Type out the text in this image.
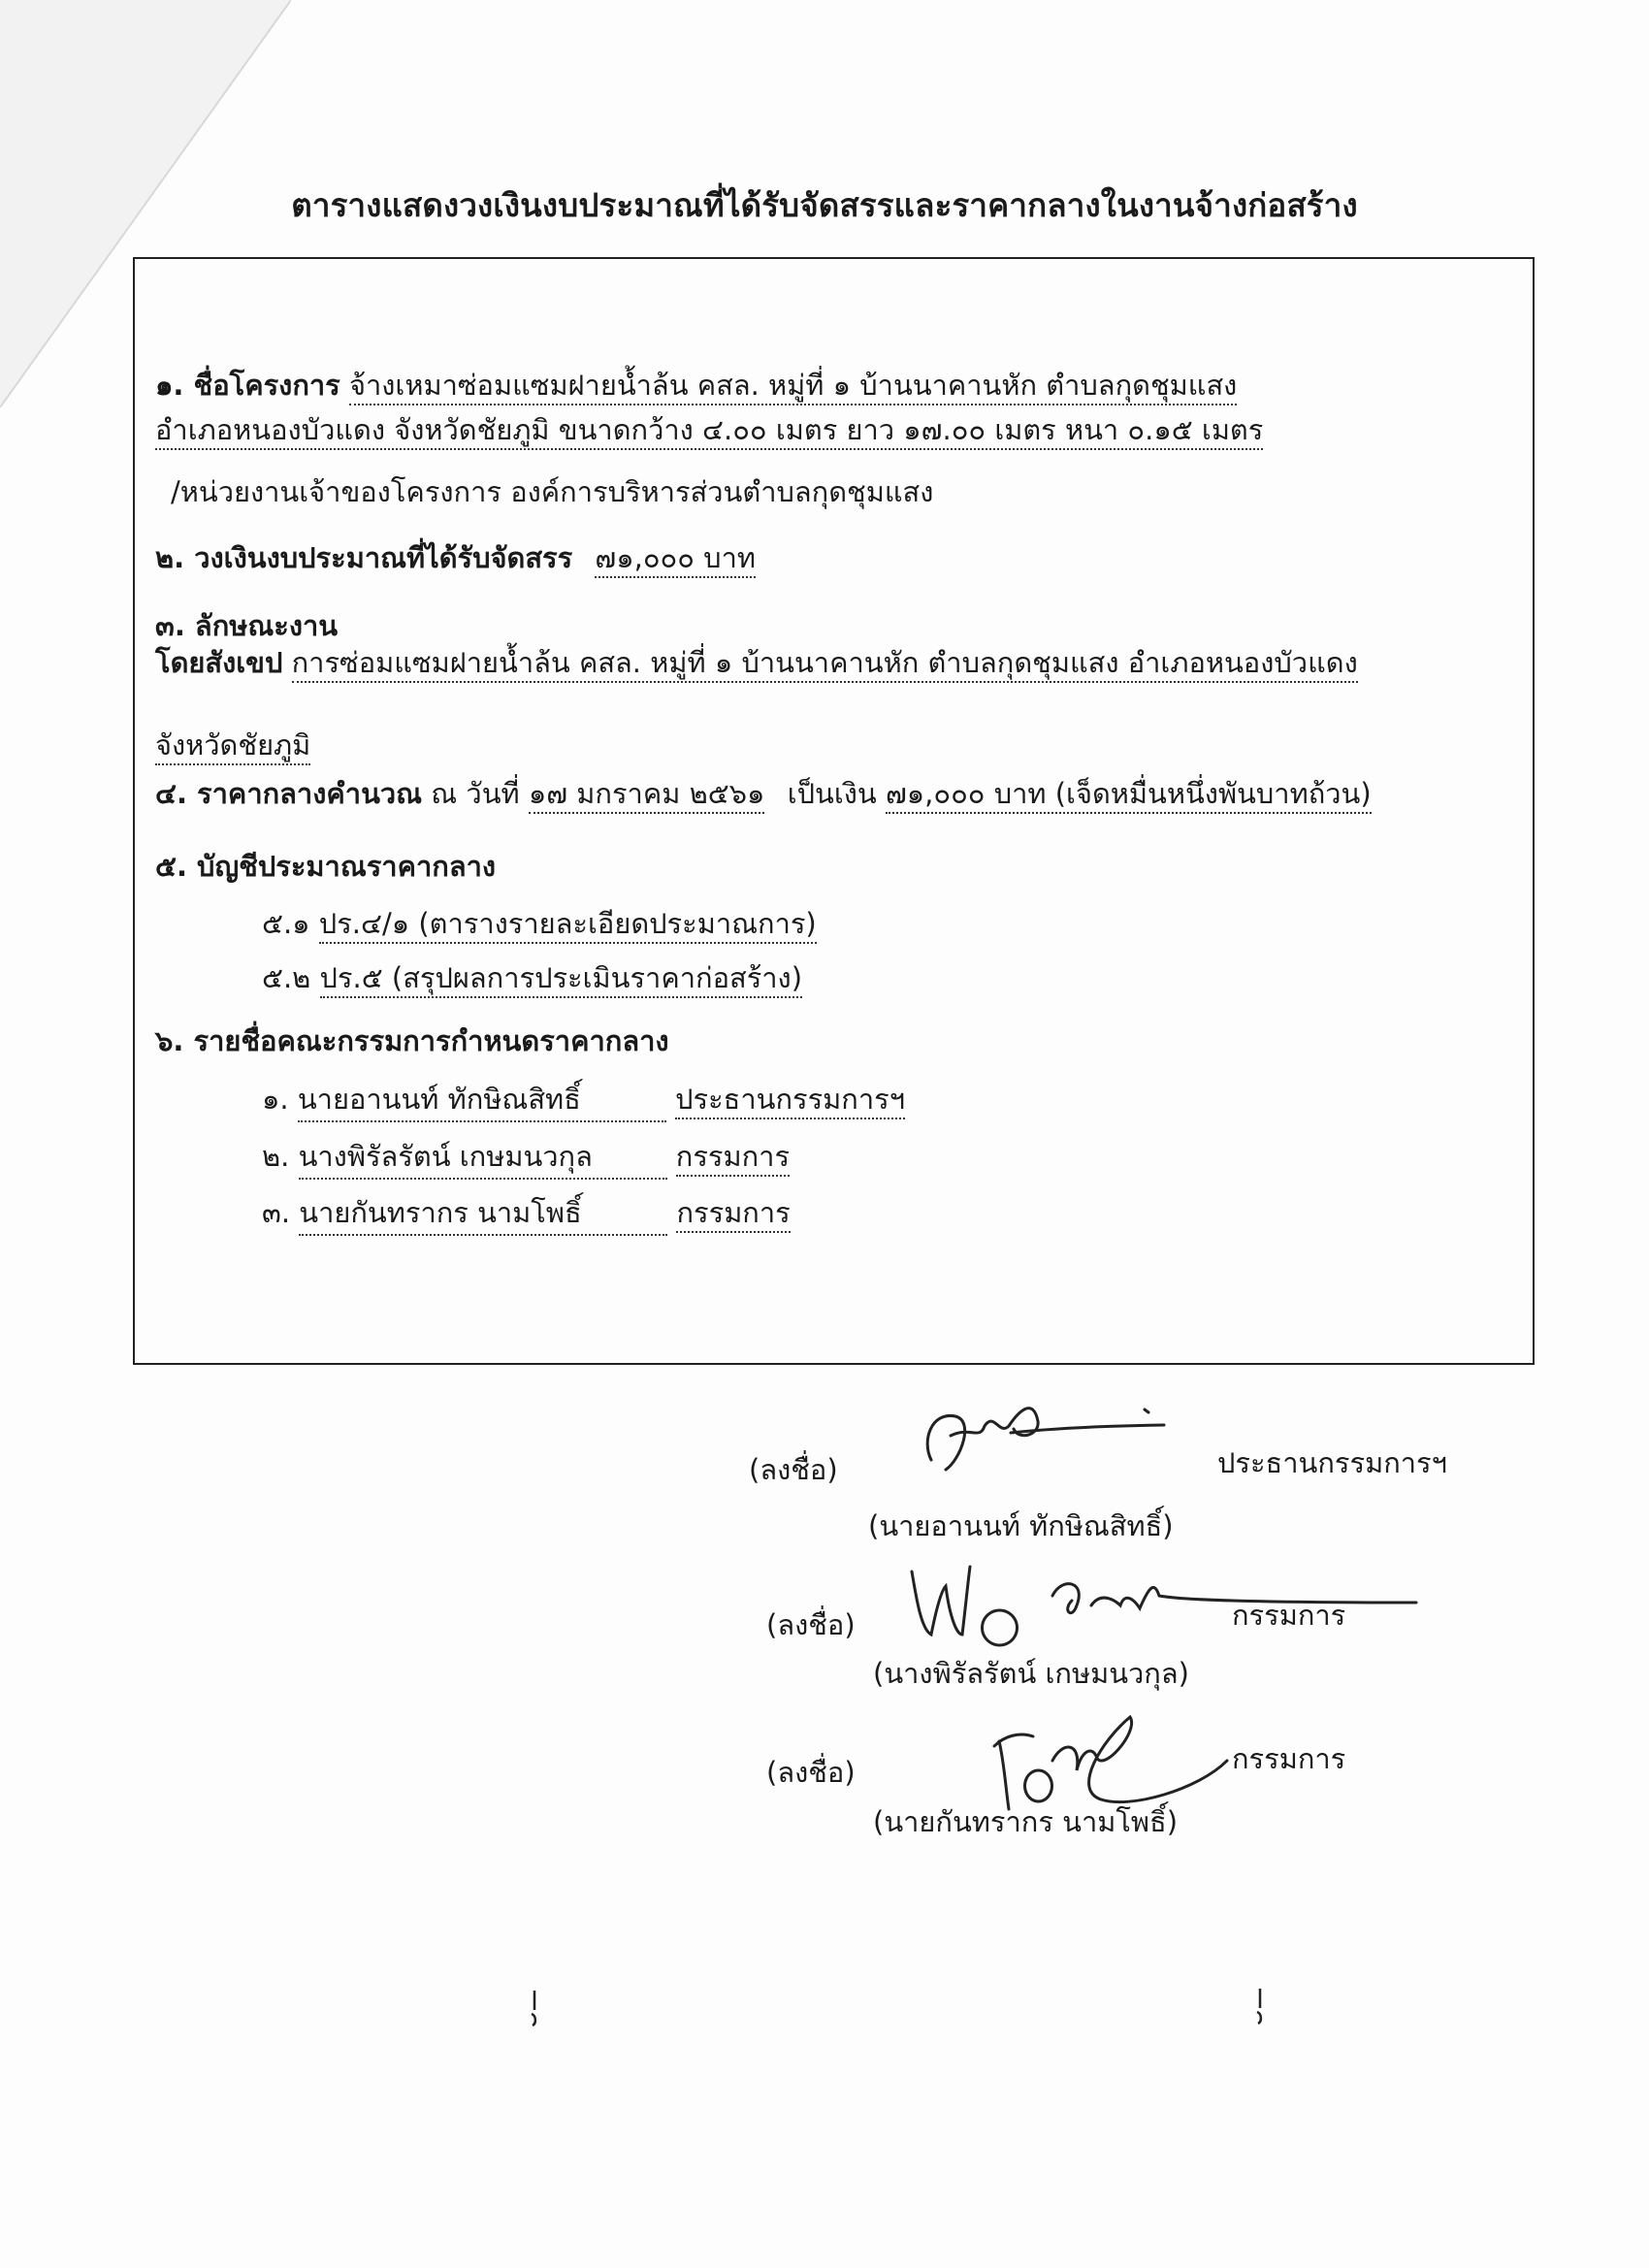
ตารางแสดงวงเงินงบประมาณที่ได้รับจัดสรรและราคากลางในงานจ้างก่อสร้าง
๑. ชื่อโครงการ จ้างเหมาซ่อมแซมฝายน้ำล้น คสล. หมู่ที่ ๑ บ้านนาคานหัก ตำบลกุดชุมแสง
อำเภอหนองบัวแดง จังหวัดชัยภูมิ ขนาดกว้าง ๔.๐๐ เมตร ยาว ๑๗.๐๐ เมตร หนา ๐.๑๕ เมตร
/หน่วยงานเจ้าของโครงการ องค์การบริหารส่วนตำบลกุดชุมแสง
๒. วงเงินงบประมาณที่ได้รับจัดสรร ๗๑,๐๐๐ บาท
๓. ลักษณะงาน
โดยสังเขป การซ่อมแซมฝายน้ำล้น คสล. หมู่ที่ ๑ บ้านนาคานหัก ตำบลกุดชุมแสง อำเภอหนองบัวแดง
จังหวัดชัยภูมิ
๔. ราคากลางคำนวณ ณ วันที่ ๑๗ มกราคม ๒๕๖๑ เป็นเงิน ๗๑,๐๐๐ บาท (เจ็ดหมื่นหนึ่งพันบาทถ้วน)
๕. บัญชีประมาณราคากลาง
๕.๑ ปร.๔/๑ (ตารางรายละเอียดประมาณการ)
๕.๒ ปร.๕ (สรุปผลการประเมินราคาก่อสร้าง)
๖. รายชื่อคณะกรรมการกำหนดราคากลาง
๑. นายอานนท์ ทักษิณสิทธิ์	ประธานกรรมการฯ
๒. นางพิรัลรัตน์ เกษมนวกุล	กรรมการ
๓. นายกันทรากร นามโพธิ์	กรรมการ
(ลงชื่อ)	ประธานกรรมการฯ
(นายอานนท์ ทักษิณสิทธิ์)
(ลงชื่อ)	กรรมการ
(นางพิรัลรัตน์ เกษมนวกุล)
(ลงชื่อ)	กรรมการ
(นายกันทรากร นามโพธิ์)
